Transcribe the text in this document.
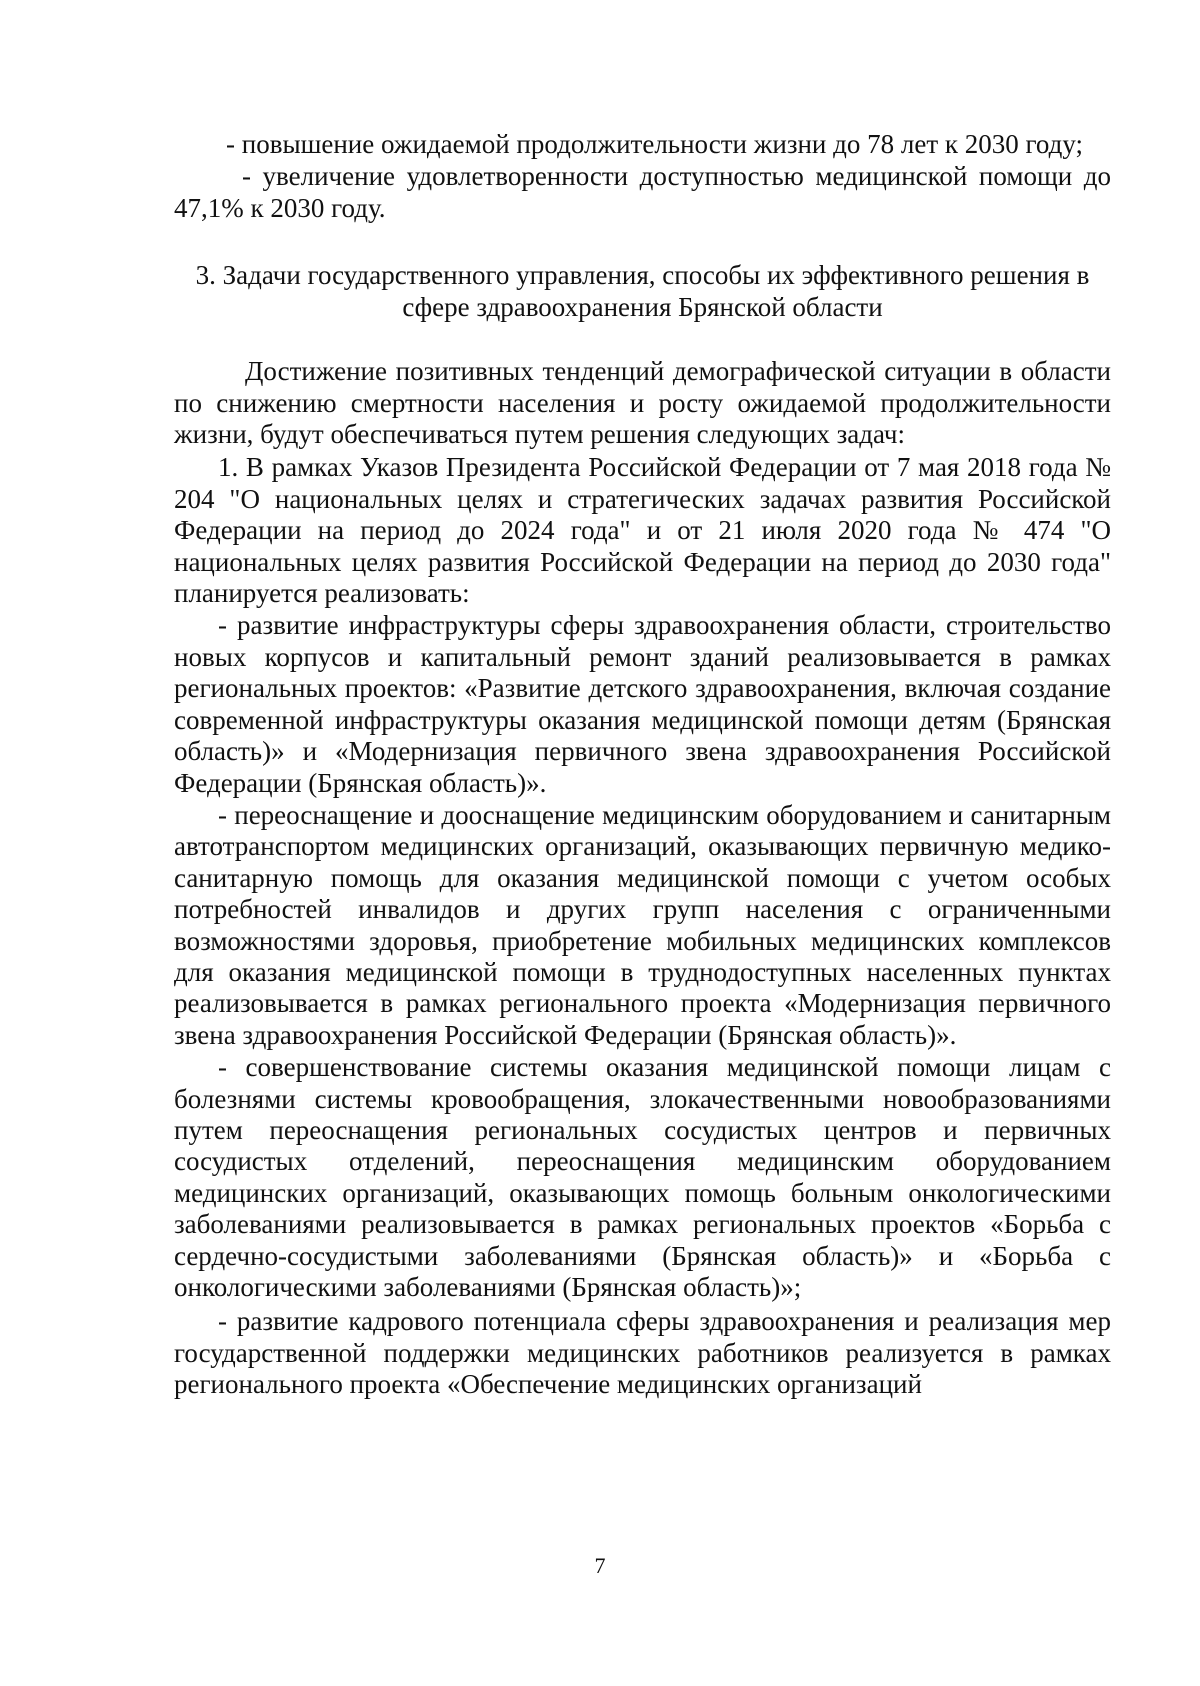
- повышение ожидаемой продолжительности жизни до 78 лет к 2030 году;

- увеличение удовлетворенности доступностью медицинской помощи до 47,1% к 2030 году.

3. Задачи государственного управления, способы их эффективного решения в
сфере здравоохранения Брянской области

Достижение позитивных тенденций демографической ситуации в области по снижению смертности населения и росту ожидаемой продолжительности жизни, будут обеспечиваться путем решения следующих задач:

1. В рамках Указов Президента Российской Федерации от 7 мая 2018 года № 204 "О национальных целях и стратегических задачах развития Российской Федерации на период до 2024 года" и от 21 июля 2020 года № 474 "О национальных целях развития Российской Федерации на период до 2030 года" планируется реализовать:

- развитие инфраструктуры сферы здравоохранения области, строительство новых корпусов и капитальный ремонт зданий реализовывается в рамках региональных проектов: «Развитие детского здравоохранения, включая создание современной инфраструктуры оказания медицинской помощи детям (Брянская область)» и «Модернизация первичного звена здравоохранения Российской Федерации (Брянская область)».

- переоснащение и дооснащение медицинским оборудованием и санитарным автотранспортом медицинских организаций, оказывающих первичную медико-санитарную помощь для оказания медицинской помощи с учетом особых потребностей инвалидов и других групп населения с ограниченными возможностями здоровья, приобретение мобильных медицинских комплексов для оказания медицинской помощи в труднодоступных населенных пунктах реализовывается в рамках регионального проекта «Модернизация первичного звена здравоохранения Российской Федерации (Брянская область)».

- совершенствование системы оказания медицинской помощи лицам с болезнями системы кровообращения, злокачественными новообразованиями путем переоснащения региональных сосудистых центров и первичных сосудистых отделений, переоснащения медицинским оборудованием медицинских организаций, оказывающих помощь больным онкологическими заболеваниями реализовывается в рамках региональных проектов «Борьба с сердечно-сосудистыми заболеваниями (Брянская область)» и «Борьба с онкологическими заболеваниями (Брянская область)»;

- развитие кадрового потенциала сферы здравоохранения и реализация мер государственной поддержки медицинских работников реализуется в рамках регионального проекта «Обеспечение медицинских организаций

7
